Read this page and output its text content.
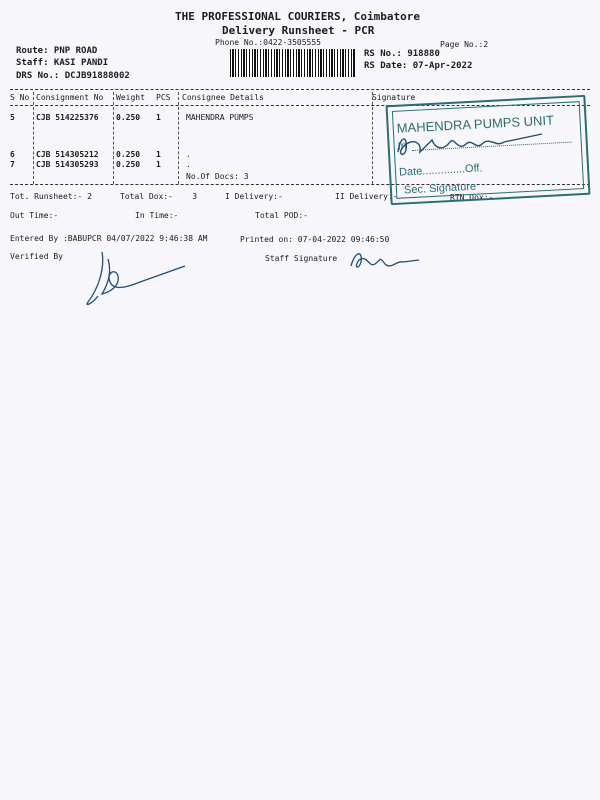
THE PROFESSIONAL COURIERS, Coimbatore
Delivery Runsheet - PCR
Phone No.:0422-3505555	Page No.:2
Route: PNP ROAD
Staff: KASI PANDI
DRS No.: DCJB91888002
RS No.: 918880
RS Date: 07-Apr-2022
S No Consignment No Weight PCS Consignee Details	Signature
5	CJB 514225376 0.250 1	MAHENDRA PUMPS
6	CJB 514305212 0.250 1	.
7	CJB 514305293 0.250 1	.
No.Of Docs: 3
Tot. Runsheet:- 2	Total Dox:-    3	I Delivery:-	II Delivery:-	RTN Dox:-
Out Time:-	In Time:-	Total POD:-
Entered By :BABUPCR 04/07/2022 9:46:38 AM	Printed on: 07-04-2022 09:46:50
Verified By	Staff Signature
MAHENDRA PUMPS UNIT
In
Date..............Off.
Sec. Signature
